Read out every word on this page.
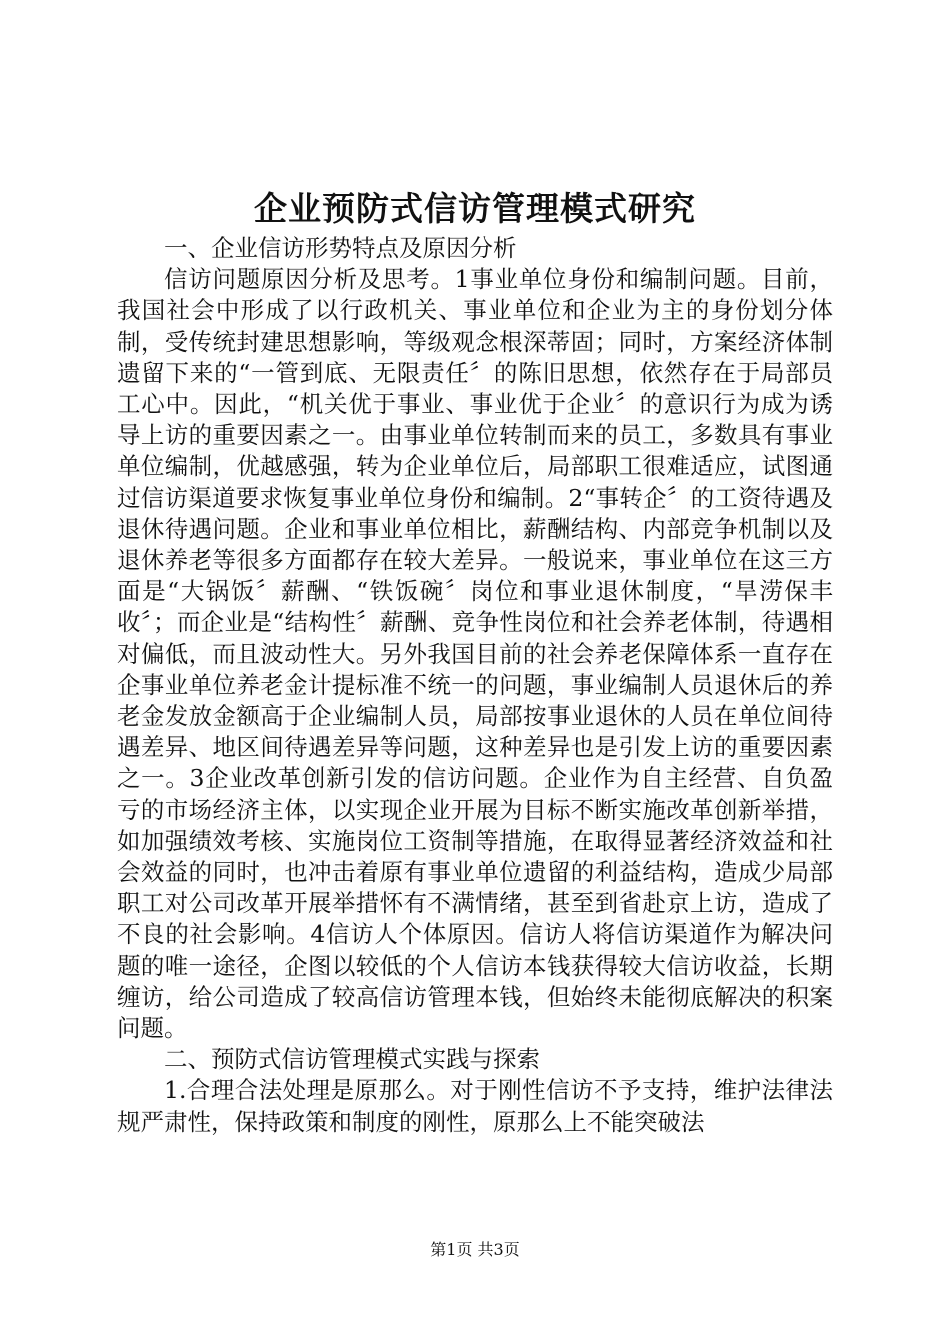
企业预防式信访管理模式研究

一、企业信访形势特点及原因分析

信访问题原因分析及思考。1事业单位身份和编制问题。目前，我国社会中形成了以行政机关、事业单位和企业为主的身份划分体制，受传统封建思想影响，等级观念根深蒂固；同时，方案经济体制遗留下来的“一管到底、无限责任〞的陈旧思想，依然存在于局部员工心中。因此，“机关优于事业、事业优于企业〞的意识行为成为诱导上访的重要因素之一。由事业单位转制而来的员工，多数具有事业单位编制，优越感强，转为企业单位后，局部职工很难适应，试图通过信访渠道要求恢复事业单位身份和编制。2“事转企〞的工资待遇及退休待遇问题。企业和事业单位相比，薪酬结构、内部竞争机制以及退休养老等很多方面都存在较大差异。一般说来，事业单位在这三方面是“大锅饭〞薪酬、“铁饭碗〞岗位和事业退休制度，“旱涝保丰收〞；而企业是“结构性〞薪酬、竞争性岗位和社会养老体制，待遇相对偏低，而且波动性大。另外我国目前的社会养老保障体系一直存在企事业单位养老金计提标准不统一的问题，事业编制人员退休后的养老金发放金额高于企业编制人员，局部按事业退休的人员在单位间待遇差异、地区间待遇差异等问题，这种差异也是引发上访的重要因素之一。3企业改革创新引发的信访问题。企业作为自主经营、自负盈亏的市场经济主体，以实现企业开展为目标不断实施改革创新举措，如加强绩效考核、实施岗位工资制等措施，在取得显著经济效益和社会效益的同时，也冲击着原有事业单位遗留的利益结构，造成少局部职工对公司改革开展举措怀有不满情绪，甚至到省赴京上访，造成了不良的社会影响。4信访人个体原因。信访人将信访渠道作为解决问题的唯一途径，企图以较低的个人信访本钱获得较大信访收益，长期缠访，给公司造成了较高信访管理本钱，但始终未能彻底解决的积案问题。

二、预防式信访管理模式实践与探索

1.合理合法处理是原那么。对于刚性信访不予支持，维护法律法规严肃性，保持政策和制度的刚性，原那么上不能突破法

第1页 共3页
